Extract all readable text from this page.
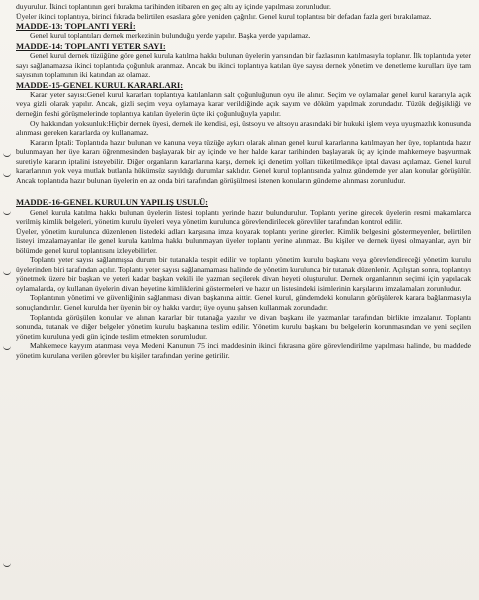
duyurulur. İkinci toplantının geri bırakma tarihinden itibaren en geç altı ay içinde yapılması zorunludur.

Üyeler ikinci toplantıya, birinci fıkrada belirtilen esaslara göre yeniden çağrılır. Genel kurul toplantısı bir defadan fazla geri bırakılamaz.

MADDE-13: TOPLANTI YERİ:

Genel kurul toplantıları dernek merkezinin bulunduğu yerde yapılır. Başka yerde yapılamaz.

MADDE-14: TOPLANTI YETER SAYI:

Genel kurul dernek tüzüğüne göre genel kurula katılma hakkı bulunan üyelerin yarısından bir fazlasının katılmasıyla toplanır. İlk toplantıda yeter sayı sağlanamazsa ikinci toplantıda çoğunluk aranmaz. Ancak bu ikinci toplantıya katılan üye sayısı dernek yönetim ve denetleme kurulları üye tam sayısının toplamının iki katından az olamaz.

MADDE-15-GENEL KURUL KARARLARI:

Karar yeter sayısı:Genel kurul kararları toplantıya katılanların salt çoğunluğunun oyu ile alınır. Seçim ve oylamalar genel kurul kararıyla açık veya gizli olarak yapılır. Ancak, gizli seçim veya oylamaya karar verildiğinde açık sayım ve döküm yapılmak zorundadır. Tüzük değişikliği ve derneğin feshi görüşmelerinde toplantıya katılan üyelerin üçte iki çoğunluğuyla yapılır.

Oy hakkından yoksunluk:Hiçbir dernek üyesi, dernek ile kendisi, eşi, üstsoyu ve altsoyu arasındaki bir hukuki işlem veya uyuşmazlık konusunda alınması gereken kararlarda oy kullanamaz.

Kararın İptali: Toplantıda hazır bulunan ve kanuna veya tüzüğe aykırı olarak alınan genel kurul kararlarına katılmayan her üye, toplantıda hazır bulunmayan her üye kararı öğrenmesinden başlayarak bir ay içinde ve her halde karar tarihinden başlayarak üç ay içinde mahkemeye başvurmak suretiyle kararın iptalini isteyebilir. Diğer organların kararlarına karşı, dernek içi denetim yolları tüketilmedikçe iptal davası açılamaz. Genel kurul kararlarının yok veya mutlak butlanla hükümsüz sayıldığı durumlar saklıdır. Genel kurul toplantısında yalnız gündemde yer alan konular görüşülür. Ancak toplantıda hazır bulunan üyelerin en az onda biri tarafından görüşülmesi istenen konuların gündeme alınması zorunludur.

MADDE-16-GENEL KURULUN YAPILIŞ USULÜ:

Genel kurula katılma hakkı bulunan üyelerin listesi toplantı yerinde hazır bulundurulur. Toplantı yerine girecek üyelerin resmi makamlarca verilmiş kimlik belgeleri, yönetim kurulu üyeleri veya yönetim kurulunca görevlendirilecek görevliler tarafından kontrol edilir.

Üyeler, yönetim kurulunca düzenlenen listedeki adları karşısına imza koyarak toplantı yerine girerler. Kimlik belgesini göstermeyenler, belirtilen listeyi imzalamayanlar ile genel kurula katılma hakkı bulunmayan üyeler toplantı yerine alınmaz. Bu kişiler ve dernek üyesi olmayanlar, ayrı bir bölümde genel kurul toplantısını izleyebilirler.

Toplantı yeter sayısı sağlanmışsa durum bir tutanakla tespit edilir ve toplantı yönetim kurulu başkanı veya görevlendireceği yönetim kurulu üyelerinden biri tarafından açılır. Toplantı yeter sayısı sağlanamaması halinde de yönetim kurulunca bir tutanak düzenlenir. Açılıştan sonra, toplantıyı yönetmek üzere bir başkan ve yeteri kadar başkan vekili ile yazman seçilerek divan heyeti oluşturulur. Dernek organlarının seçimi için yapılacak oylamalarda, oy kullanan üyelerin divan heyetine kimliklerini göstermeleri ve hazır un listesindeki isimlerinin karşılarını imzalamaları zorunludur.

Toplantının yönetimi ve güvenliğinin sağlanması divan başkanına aittir. Genel kurul, gündemdeki konuların görüşülerek karara bağlanmasıyla sonuçlandırılır. Genel kurulda her üyenin bir oy hakkı vardır; üye oyunu şahsen kullanmak zorundadır.

Toplantıda görüşülen konular ve alınan kararlar bir tutanağa yazılır ve divan başkanı ile yazmanlar tarafından birlikte imzalanır. Toplantı sonunda, tutanak ve diğer belgeler yönetim kurulu başkanına teslim edilir. Yönetim kurulu başkanı bu belgelerin korunmasından ve yeni seçilen yönetim kuruluna yedi gün içinde teslim etmekten sorumludur.

Mahkemece kayyım atanması veya Medeni Kanunun 75 inci maddesinin ikinci fıkrasına göre görevlendirilme yapılması halinde, bu maddede yönetim kurulana verilen görevler bu kişiler tarafından yerine getirilir.
